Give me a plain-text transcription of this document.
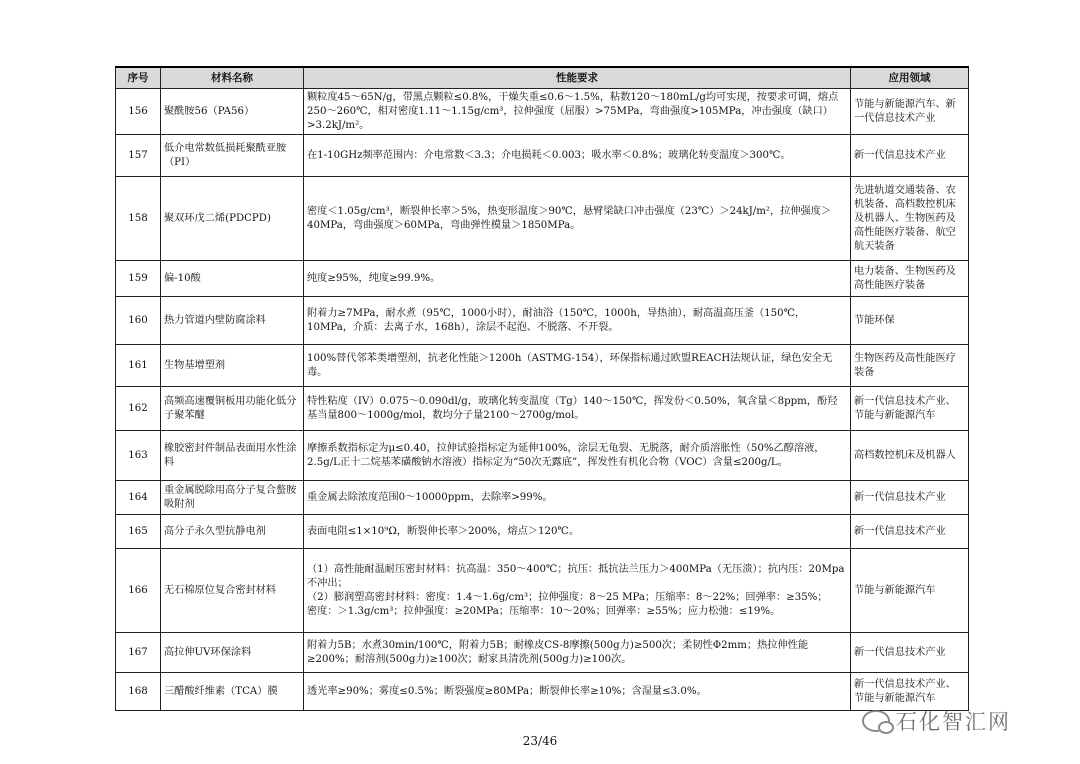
序号	材料名称	性能要求	应用领域
156	聚酰胺56（PA56）	颗粒度45～65N/g，带黑点颗粒≤0.8%，干燥失重≤0.6～1.5%，粘数120～180mL/g均可实现，按要求可调，熔点250～260℃，相对密度1.11～1.15g/cm³，拉伸强度（屈服）>75MPa，弯曲强度>105MPa，冲击强度（缺口）>3.2kJ/m²。	节能与新能源汽车、新一代信息技术产业
157	低介电常数低损耗聚酰亚胺（PI）	在1-10GHz频率范围内：介电常数＜3.3；介电损耗＜0.003；吸水率＜0.8%；玻璃化转变温度＞300℃。	新一代信息技术产业
158	聚双环戊二烯(PDCPD)	密度＜1.05g/cm³，断裂伸长率＞5%，热变形温度＞90℃，悬臂梁缺口冲击强度（23℃）＞24kJ/m²，拉伸强度＞40MPa，弯曲强度＞60MPa，弯曲弹性模量＞1850MPa。	先进轨道交通装备、农机装备、高档数控机床及机器人、生物医药及高性能医疗装备、航空航天装备
159	偏-10酸	纯度≥95%，纯度≥99.9%。	电力装备、生物医药及高性能医疗装备
160	热力管道内壁防腐涂料	附着力≥7MPa，耐水煮（95℃，1000小时），耐油浴（150℃，1000h，导热油），耐高温高压釜（150℃，10MPa，介质：去离子水，168h），涂层不起泡、不脱落、不开裂。	节能环保
161	生物基增塑剂	100%替代邻苯类增塑剂，抗老化性能＞1200h（ASTMG-154），环保指标通过欧盟REACH法规认证，绿色安全无毒。	生物医药及高性能医疗装备
162	高频高速覆铜板用功能化低分子聚苯醚	特性粘度（IV）0.075～0.090dl/g，玻璃化转变温度（Tg）140～150℃，挥发份＜0.50%，氧含量＜8ppm，酚羟基当量800～1000g/mol，数均分子量2100～2700g/mol。	新一代信息技术产业、节能与新能源汽车
163	橡胶密封件制品表面用水性涂料	摩擦系数指标定为μ≤0.40，拉伸试验指标定为延伸100%，涂层无龟裂、无脱落，耐介质溶胀性（50%乙醇溶液，2.5g/L正十二烷基苯磺酸钠水溶液）指标定为“50次无露底”，挥发性有机化合物（VOC）含量≤200g/L。	高档数控机床及机器人
164	重金属脱除用高分子复合螯胺吸附剂	重金属去除浓度范围0～10000ppm，去除率>99%。	新一代信息技术产业
165	高分子永久型抗静电剂	表面电阻≤1×10⁹Ω，断裂伸长率＞200%，熔点＞120℃。	新一代信息技术产业
166	无石棉原位复合密封材料	（1）高性能耐温耐压密封材料：抗高温：350～400℃；抗压：抵抗法兰压力＞400MPa（无压溃）；抗内压：20Mpa不冲出；
（2）膨润塑高密封材料：密度：1.4～1.6g/cm³；拉伸强度：8～25 MPa；压缩率：8～22%；回弹率：≥35%；
密度：＞1.3g/cm³；拉伸强度：≥20MPa；压缩率：10～20%；回弹率：≥55%；应力松弛：≤19%。	节能与新能源汽车
167	高拉伸UV环保涂料	附着力5B；水煮30min/100℃，附着力5B；耐橡皮CS-8摩擦(500g力)≥500次；柔韧性Φ2mm；热拉伸性能≥200%；耐溶剂(500g力)≥100次；耐家具清洗剂(500g力)≥100次。	新一代信息技术产业
168	三醋酸纤维素（TCA）膜	透光率≥90%；雾度≤0.5%；断裂强度≥80MPa；断裂伸长率≥10%；含湿量≤3.0%。	新一代信息技术产业、节能与新能源汽车
23/46
石化智汇网
